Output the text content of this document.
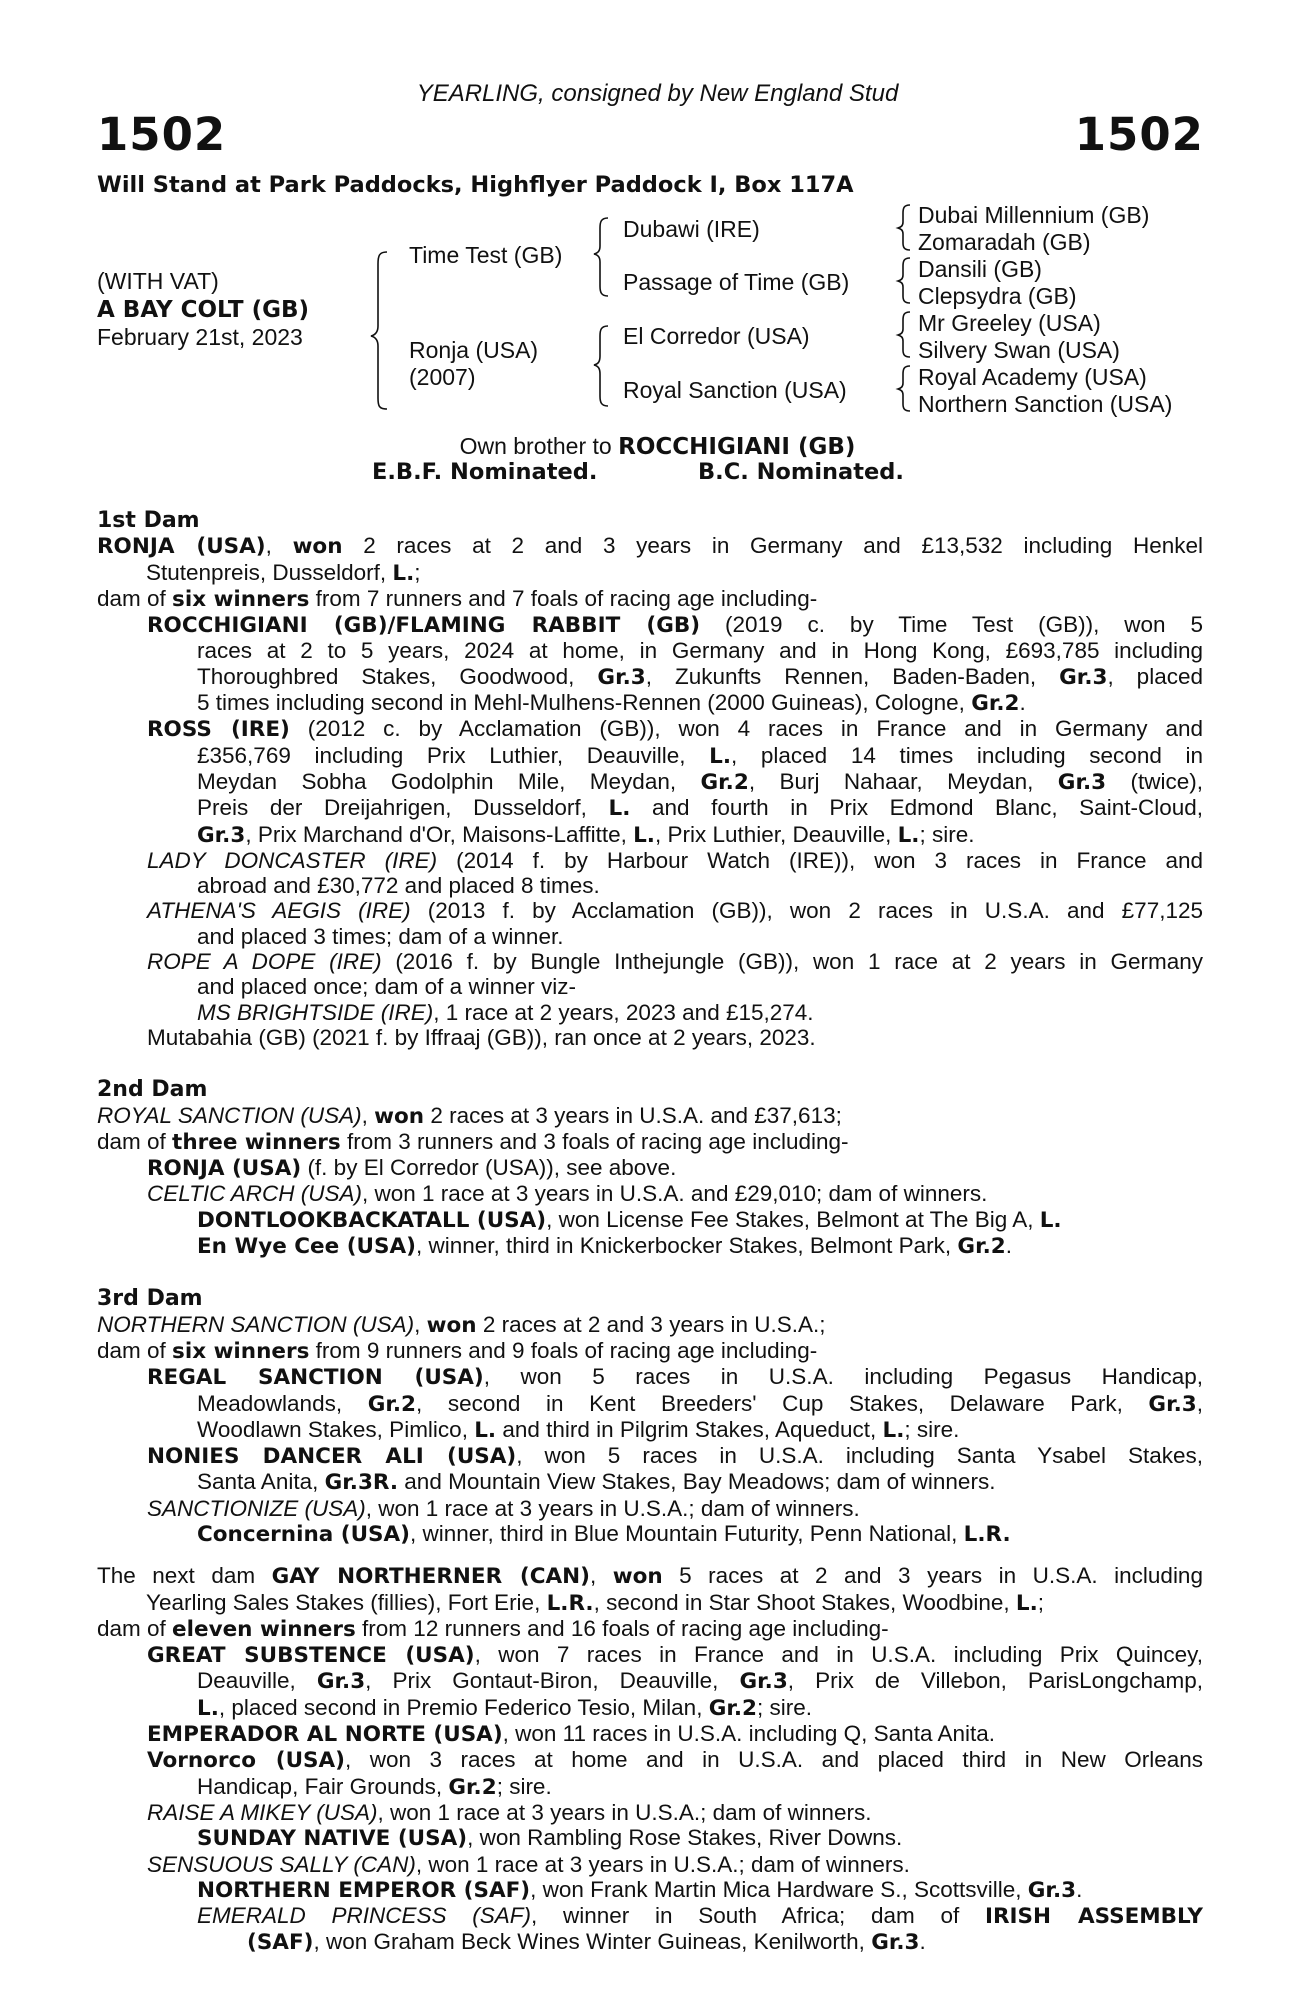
1502	1502
YEARLING, consigned by New England Stud
Will Stand at Park Paddocks, Highflyer Paddock I, Box 117A
(WITH VAT)
A BAY COLT (GB)
February 21st, 2023
Time Test (GB)
Ronja (USA)
(2007)
Dubawi (IRE)
Passage of Time (GB)
El Corredor (USA)
Royal Sanction (USA)
Dubai Millennium (GB)
Zomaradah (GB)
Dansili (GB)
Clepsydra (GB)
Mr Greeley (USA)
Silvery Swan (USA)
Royal Academy (USA)
Northern Sanction (USA)
Own brother to ROCCHIGIANI (GB)
E.B.F. Nominated.	B.C. Nominated.
1st Dam

RONJA (USA), won 2 races at 2 and 3 years in Germany and £13,532 including Henkel

Stutenpreis, Dusseldorf, L.;

dam of six winners from 7 runners and 7 foals of racing age including-

ROCCHIGIANI (GB)/FLAMING RABBIT (GB) (2019 c. by Time Test (GB)), won 5

races at 2 to 5 years, 2024 at home, in Germany and in Hong Kong, £693,785 including

Thoroughbred Stakes, Goodwood, Gr.3, Zukunfts Rennen, Baden-Baden, Gr.3, placed

5 times including second in Mehl-Mulhens-Rennen (2000 Guineas), Cologne, Gr.2.

ROSS (IRE) (2012 c. by Acclamation (GB)), won 4 races in France and in Germany and

£356,769 including Prix Luthier, Deauville, L., placed 14 times including second in

Meydan Sobha Godolphin Mile, Meydan, Gr.2, Burj Nahaar, Meydan, Gr.3 (twice),

Preis der Dreijahrigen, Dusseldorf, L. and fourth in Prix Edmond Blanc, Saint-Cloud,

Gr.3, Prix Marchand d'Or, Maisons-Laffitte, L., Prix Luthier, Deauville, L.; sire.

LADY DONCASTER (IRE) (2014 f. by Harbour Watch (IRE)), won 3 races in France and

abroad and £30,772 and placed 8 times.

ATHENA'S AEGIS (IRE) (2013 f. by Acclamation (GB)), won 2 races in U.S.A. and £77,125

and placed 3 times; dam of a winner.

ROPE A DOPE (IRE) (2016 f. by Bungle Inthejungle (GB)), won 1 race at 2 years in Germany

and placed once; dam of a winner viz-

MS BRIGHTSIDE (IRE), 1 race at 2 years, 2023 and £15,274.

Mutabahia (GB) (2021 f. by Iffraaj (GB)), ran once at 2 years, 2023.

2nd Dam

ROYAL SANCTION (USA), won 2 races at 3 years in U.S.A. and £37,613;

dam of three winners from 3 runners and 3 foals of racing age including-

RONJA (USA) (f. by El Corredor (USA)), see above.

CELTIC ARCH (USA), won 1 race at 3 years in U.S.A. and £29,010; dam of winners.

DONTLOOKBACKATALL (USA), won License Fee Stakes, Belmont at The Big A, L.

En Wye Cee (USA), winner, third in Knickerbocker Stakes, Belmont Park, Gr.2.

3rd Dam

NORTHERN SANCTION (USA), won 2 races at 2 and 3 years in U.S.A.;

dam of six winners from 9 runners and 9 foals of racing age including-

REGAL SANCTION (USA), won 5 races in U.S.A. including Pegasus Handicap,

Meadowlands, Gr.2, second in Kent Breeders' Cup Stakes, Delaware Park, Gr.3,

Woodlawn Stakes, Pimlico, L. and third in Pilgrim Stakes, Aqueduct, L.; sire.

NONIES DANCER ALI (USA), won 5 races in U.S.A. including Santa Ysabel Stakes,

Santa Anita, Gr.3R. and Mountain View Stakes, Bay Meadows; dam of winners.

SANCTIONIZE (USA), won 1 race at 3 years in U.S.A.; dam of winners.

Concernina (USA), winner, third in Blue Mountain Futurity, Penn National, L.R.

The next dam GAY NORTHERNER (CAN), won 5 races at 2 and 3 years in U.S.A. including

Yearling Sales Stakes (fillies), Fort Erie, L.R., second in Star Shoot Stakes, Woodbine, L.;

dam of eleven winners from 12 runners and 16 foals of racing age including-

GREAT SUBSTENCE (USA), won 7 races in France and in U.S.A. including Prix Quincey,

Deauville, Gr.3, Prix Gontaut-Biron, Deauville, Gr.3, Prix de Villebon, ParisLongchamp,

L., placed second in Premio Federico Tesio, Milan, Gr.2; sire.

EMPERADOR AL NORTE (USA), won 11 races in U.S.A. including Q, Santa Anita.

Vornorco (USA), won 3 races at home and in U.S.A. and placed third in New Orleans

Handicap, Fair Grounds, Gr.2; sire.

RAISE A MIKEY (USA), won 1 race at 3 years in U.S.A.; dam of winners.

SUNDAY NATIVE (USA), won Rambling Rose Stakes, River Downs.

SENSUOUS SALLY (CAN), won 1 race at 3 years in U.S.A.; dam of winners.

NORTHERN EMPEROR (SAF), won Frank Martin Mica Hardware S., Scottsville, Gr.3.

EMERALD PRINCESS (SAF), winner in South Africa; dam of IRISH ASSEMBLY

(SAF), won Graham Beck Wines Winter Guineas, Kenilworth, Gr.3.
